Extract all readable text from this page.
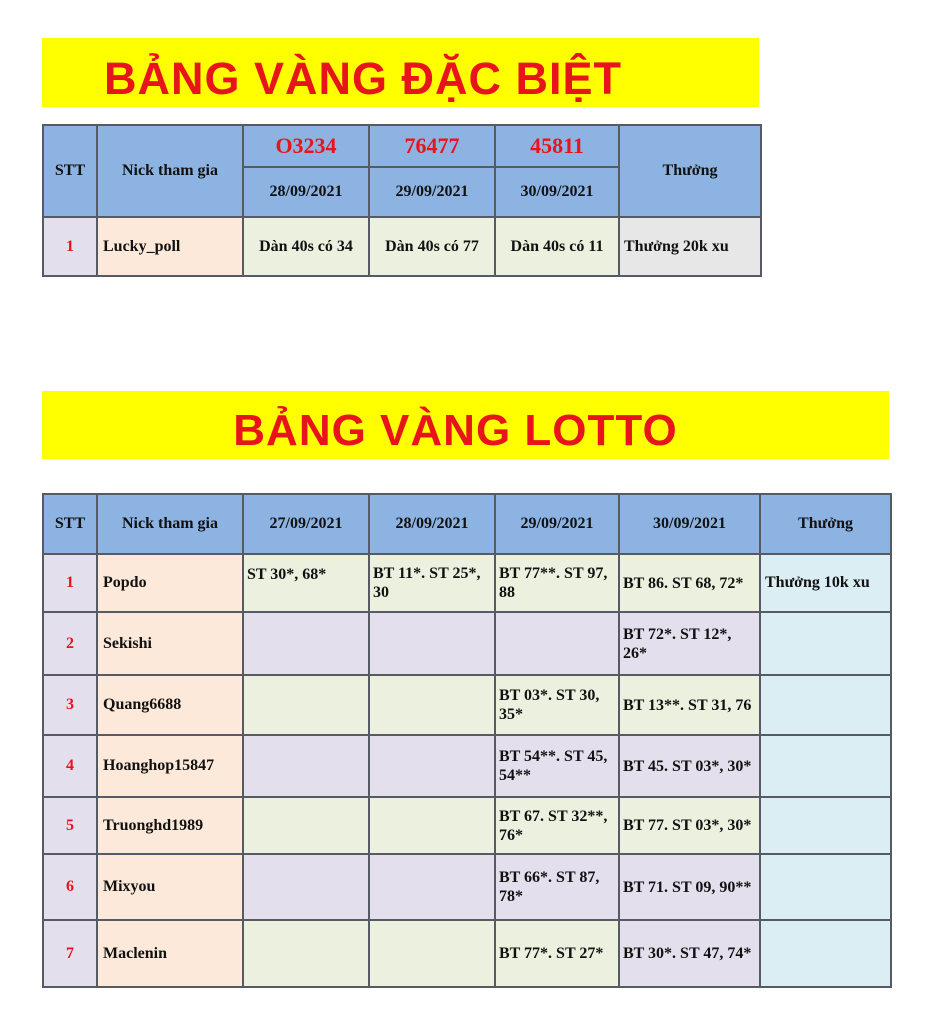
BẢNG VÀNG ĐẶC BIỆT
STT	Nick tham gia	O3234	76477	45811	Thưởng
		28/09/2021	29/09/2021	30/09/2021	
1	Lucky_poll	Dàn 40s có 34	Dàn 40s có 77	Dàn 40s có 11	Thưởng 20k xu
BẢNG VÀNG LOTTO
STT	Nick tham gia	27/09/2021	28/09/2021	29/09/2021	30/09/2021	Thưởng
1	Popdo	ST 30*, 68*	BT 11*. ST 25*, 30	BT 77**. ST 97, 88	BT 86. ST 68, 72*	Thưởng 10k xu
2	Sekishi				BT 72*. ST 12*, 26*	
3	Quang6688			BT 03*. ST 30, 35*	BT 13**. ST 31, 76	
4	Hoanghop15847			BT 54**. ST 45, 54**	BT 45. ST 03*, 30*	
5	Truonghd1989			BT 67. ST 32**, 76*	BT 77. ST 03*, 30*	
6	Mixyou			BT 66*. ST 87, 78*	BT 71. ST 09, 90**	
7	Maclenin			BT 77*. ST 27*	BT 30*. ST 47, 74*	
